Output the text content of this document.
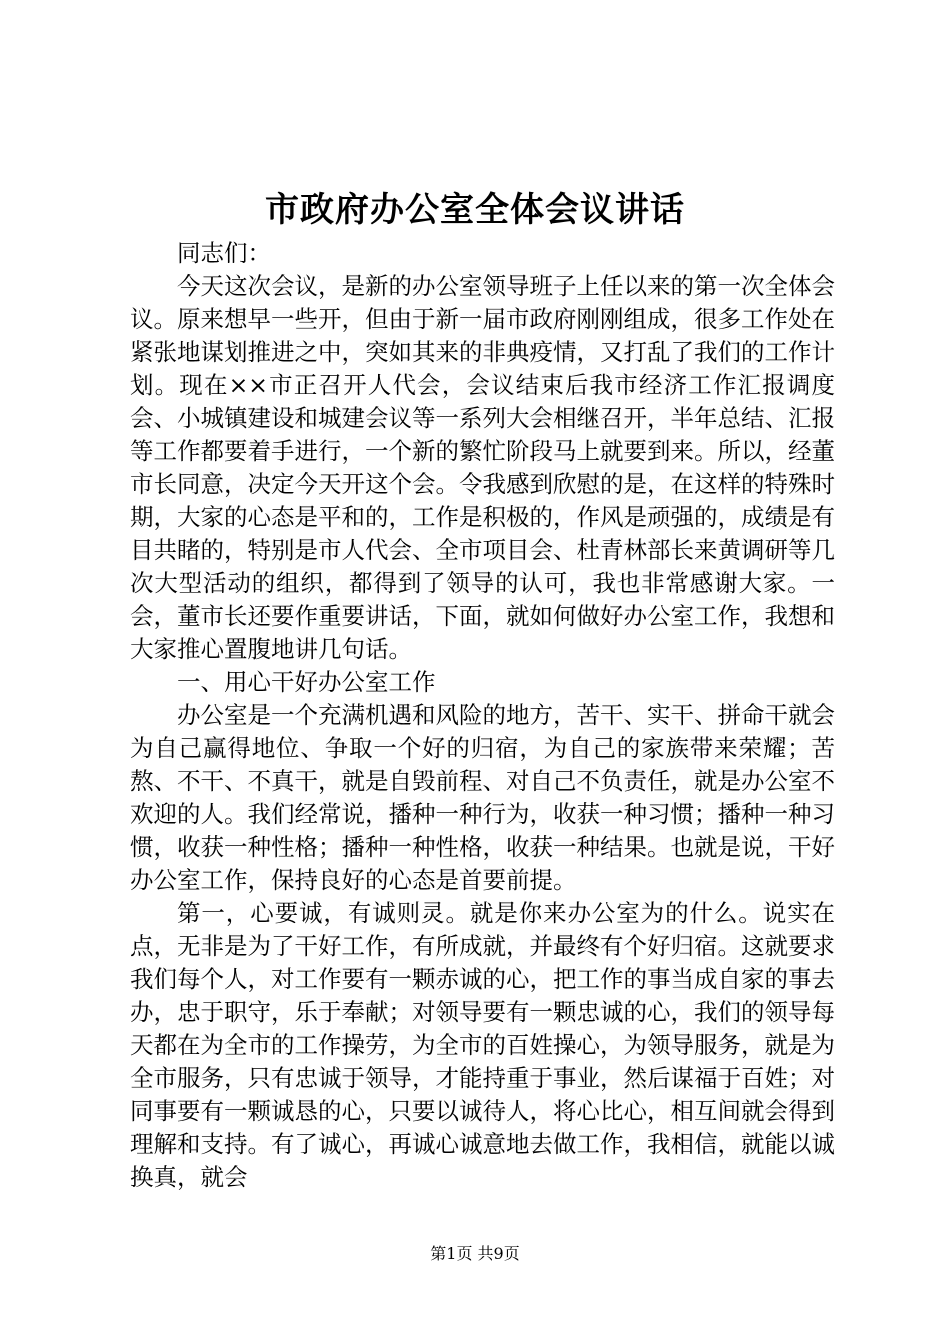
市政府办公室全体会议讲话

同志们：

今天这次会议，是新的办公室领导班子上任以来的第一次全体会议。原来想早一些开，但由于新一届市政府刚刚组成，很多工作处在紧张地谋划推进之中，突如其来的非典疫情，又打乱了我们的工作计划。现在××市正召开人代会，会议结束后我市经济工作汇报调度会、小城镇建设和城建会议等一系列大会相继召开，半年总结、汇报等工作都要着手进行，一个新的繁忙阶段马上就要到来。所以，经董市长同意，决定今天开这个会。令我感到欣慰的是，在这样的特殊时期，大家的心态是平和的，工作是积极的，作风是顽强的，成绩是有目共睹的，特别是市人代会、全市项目会、杜青林部长来黄调研等几次大型活动的组织，都得到了领导的认可，我也非常感谢大家。一会，董市长还要作重要讲话，下面，就如何做好办公室工作，我想和大家推心置腹地讲几句话。

一、用心干好办公室工作

办公室是一个充满机遇和风险的地方，苦干、实干、拼命干就会为自己赢得地位、争取一个好的归宿，为自己的家族带来荣耀；苦熬、不干、不真干，就是自毁前程、对自己不负责任，就是办公室不欢迎的人。我们经常说，播种一种行为，收获一种习惯；播种一种习惯，收获一种性格；播种一种性格，收获一种结果。也就是说，干好办公室工作，保持良好的心态是首要前提。

第一，心要诚，有诚则灵。就是你来办公室为的什么。说实在点，无非是为了干好工作，有所成就，并最终有个好归宿。这就要求我们每个人，对工作要有一颗赤诚的心，把工作的事当成自家的事去办，忠于职守，乐于奉献；对领导要有一颗忠诚的心，我们的领导每天都在为全市的工作操劳，为全市的百姓操心，为领导服务，就是为全市服务，只有忠诚于领导，才能持重于事业，然后谋福于百姓；对同事要有一颗诚恳的心，只要以诚待人，将心比心，相互间就会得到理解和支持。有了诚心，再诚心诚意地去做工作，我相信，就能以诚换真，就会

第1页 共9页
